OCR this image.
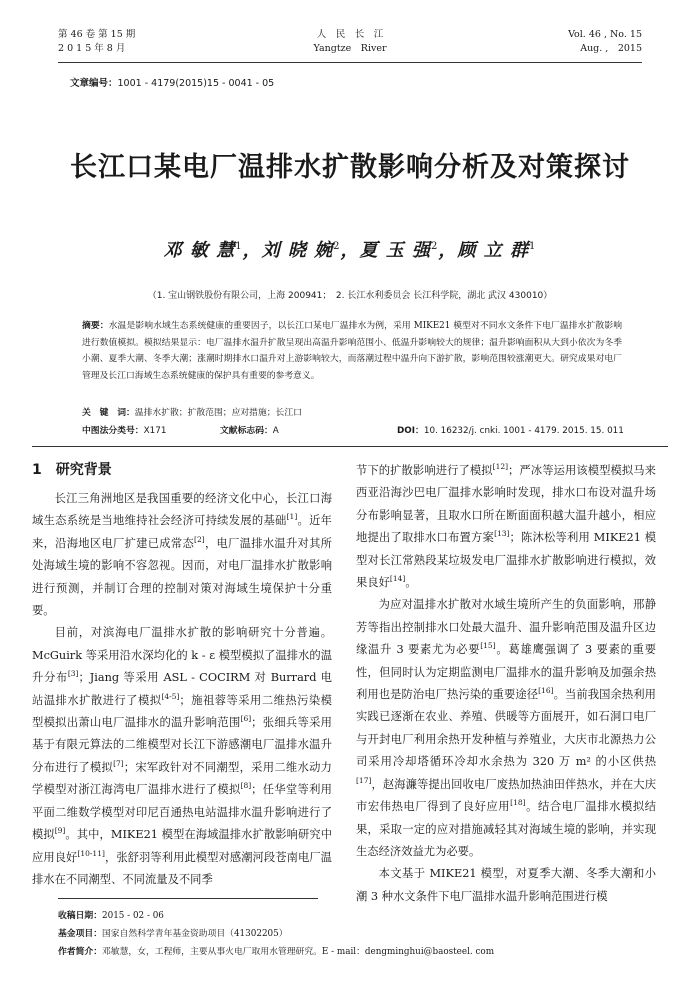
第 46 卷 第 15 期
2 0 1 5 年 8 月
人　民　长　江
Yangtze　River
Vol. 46 , No. 15
Aug. ,　2015
文章编号：1001 - 4179(2015)15 - 0041 - 05
长江口某电厂温排水扩散影响分析及对策探讨
邓 敏 慧$^1$，刘 晓 婉$^2$，夏 玉 强$^2$，顾 立 群$^1$
（1. 宝山钢铁股份有限公司，上海 200941；　2. 长江水利委员会 长江科学院，湖北 武汉 430010）
摘要：水温是影响水域生态系统健康的重要因子，以长江口某电厂温排水为例，采用 MIKE21 模型对不同水文条件下电厂温排水扩散影响进行数值模拟。模拟结果显示：电厂温排水温升扩散呈现出高温升影响范围小、低温升影响较大的规律；温升影响面积从大到小依次为冬季小潮、夏季大潮、冬季大潮；涨潮时期排水口温升对上游影响较大，而落潮过程中温升向下游扩散，影响范围较涨潮更大。研究成果对电厂管理及长江口海域生态系统健康的保护具有重要的参考意义。
关　键　词：温排水扩散；扩散范围；应对措施；长江口
中图法分类号：X171	文献标志码：A	DOI：10. 16232/j. cnki. 1001 - 4179. 2015. 15. 011
1　研究背景

长江三角洲地区是我国重要的经济文化中心，长江口海域生态系统是当地维持社会经济可持续发展的基础[1]。近年来，沿海地区电厂扩建已成常态[2]，电厂温排水温升对其所处海域生境的影响不容忽视。因而，对电厂温排水扩散影响进行预测，并制订合理的控制对策对海域生境保护十分重要。

目前，对滨海电厂温排水扩散的影响研究十分普遍。McGuirk 等采用沿水深均化的 k - ε 模型模拟了温排水的温升分布[3]；Jiang 等采用 ASL - COCIRM 对 Burrard 电站温排水扩散进行了模拟[4-5]；施祖蓉等采用二维热污染模型模拟出萧山电厂温排水的温升影响范围[6]；张细兵等采用基于有限元算法的二维模型对长江下游感潮电厂温排水温升分布进行了模拟[7]；宋军政针对不同潮型，采用二维水动力学模型对浙江海湾电厂温排水进行了模拟[8]；任华堂等利用平面二维数学模型对印尼百通热电站温排水温升影响进行了模拟[9]。其中，MIKE21 模型在海域温排水扩散影响研究中应用良好[10-11]，张舒羽等利用此模型对感潮河段苍南电厂温排水在不同潮型、不同流量及不同季

节下的扩散影响进行了模拟[12]；严冰等运用该模型模拟马来西亚沿海沙巴电厂温排水影响时发现，排水口布设对温升场分布影响显著，且取水口所在断面面积越大温升越小，相应地提出了取排水口布置方案[13]；陈沐松等利用 MIKE21 模型对长江常熟段某垃圾发电厂温排水扩散影响进行模拟，效果良好[14]。

为应对温排水扩散对水域生境所产生的负面影响，邢静芳等指出控制排水口处最大温升、温升影响范围及温升区边缘温升 3 要素尤为必要[15]。葛雄鹰强调了 3 要素的重要性，但同时认为定期监测电厂温排水的温升影响及加强余热利用也是防治电厂热污染的重要途径[16]。当前我国余热利用实践已逐渐在农业、养殖、供暖等方面展开，如石洞口电厂与开封电厂利用余热开发种植与养殖业，大庆市北源热力公司采用冷却塔循环冷却水余热为 320 万 m² 的小区供热[17]，赵海濂等提出回收电厂废热加热油田伴热水，并在大庆市宏伟热电厂得到了良好应用[18]。结合电厂温排水模拟结果，采取一定的应对措施减轻其对海域生境的影响，并实现生态经济效益尤为必要。

本文基于 MIKE21 模型，对夏季大潮、冬季大潮和小潮 3 种水文条件下电厂温排水温升影响范围进行模

收稿日期：2015 - 02 - 06
基金项目：国家自然科学青年基金资助项目（41302205）
作者简介：邓敏慧，女，工程师，主要从事火电厂取用水管理研究。E - mail：dengminghui@baosteel. com
